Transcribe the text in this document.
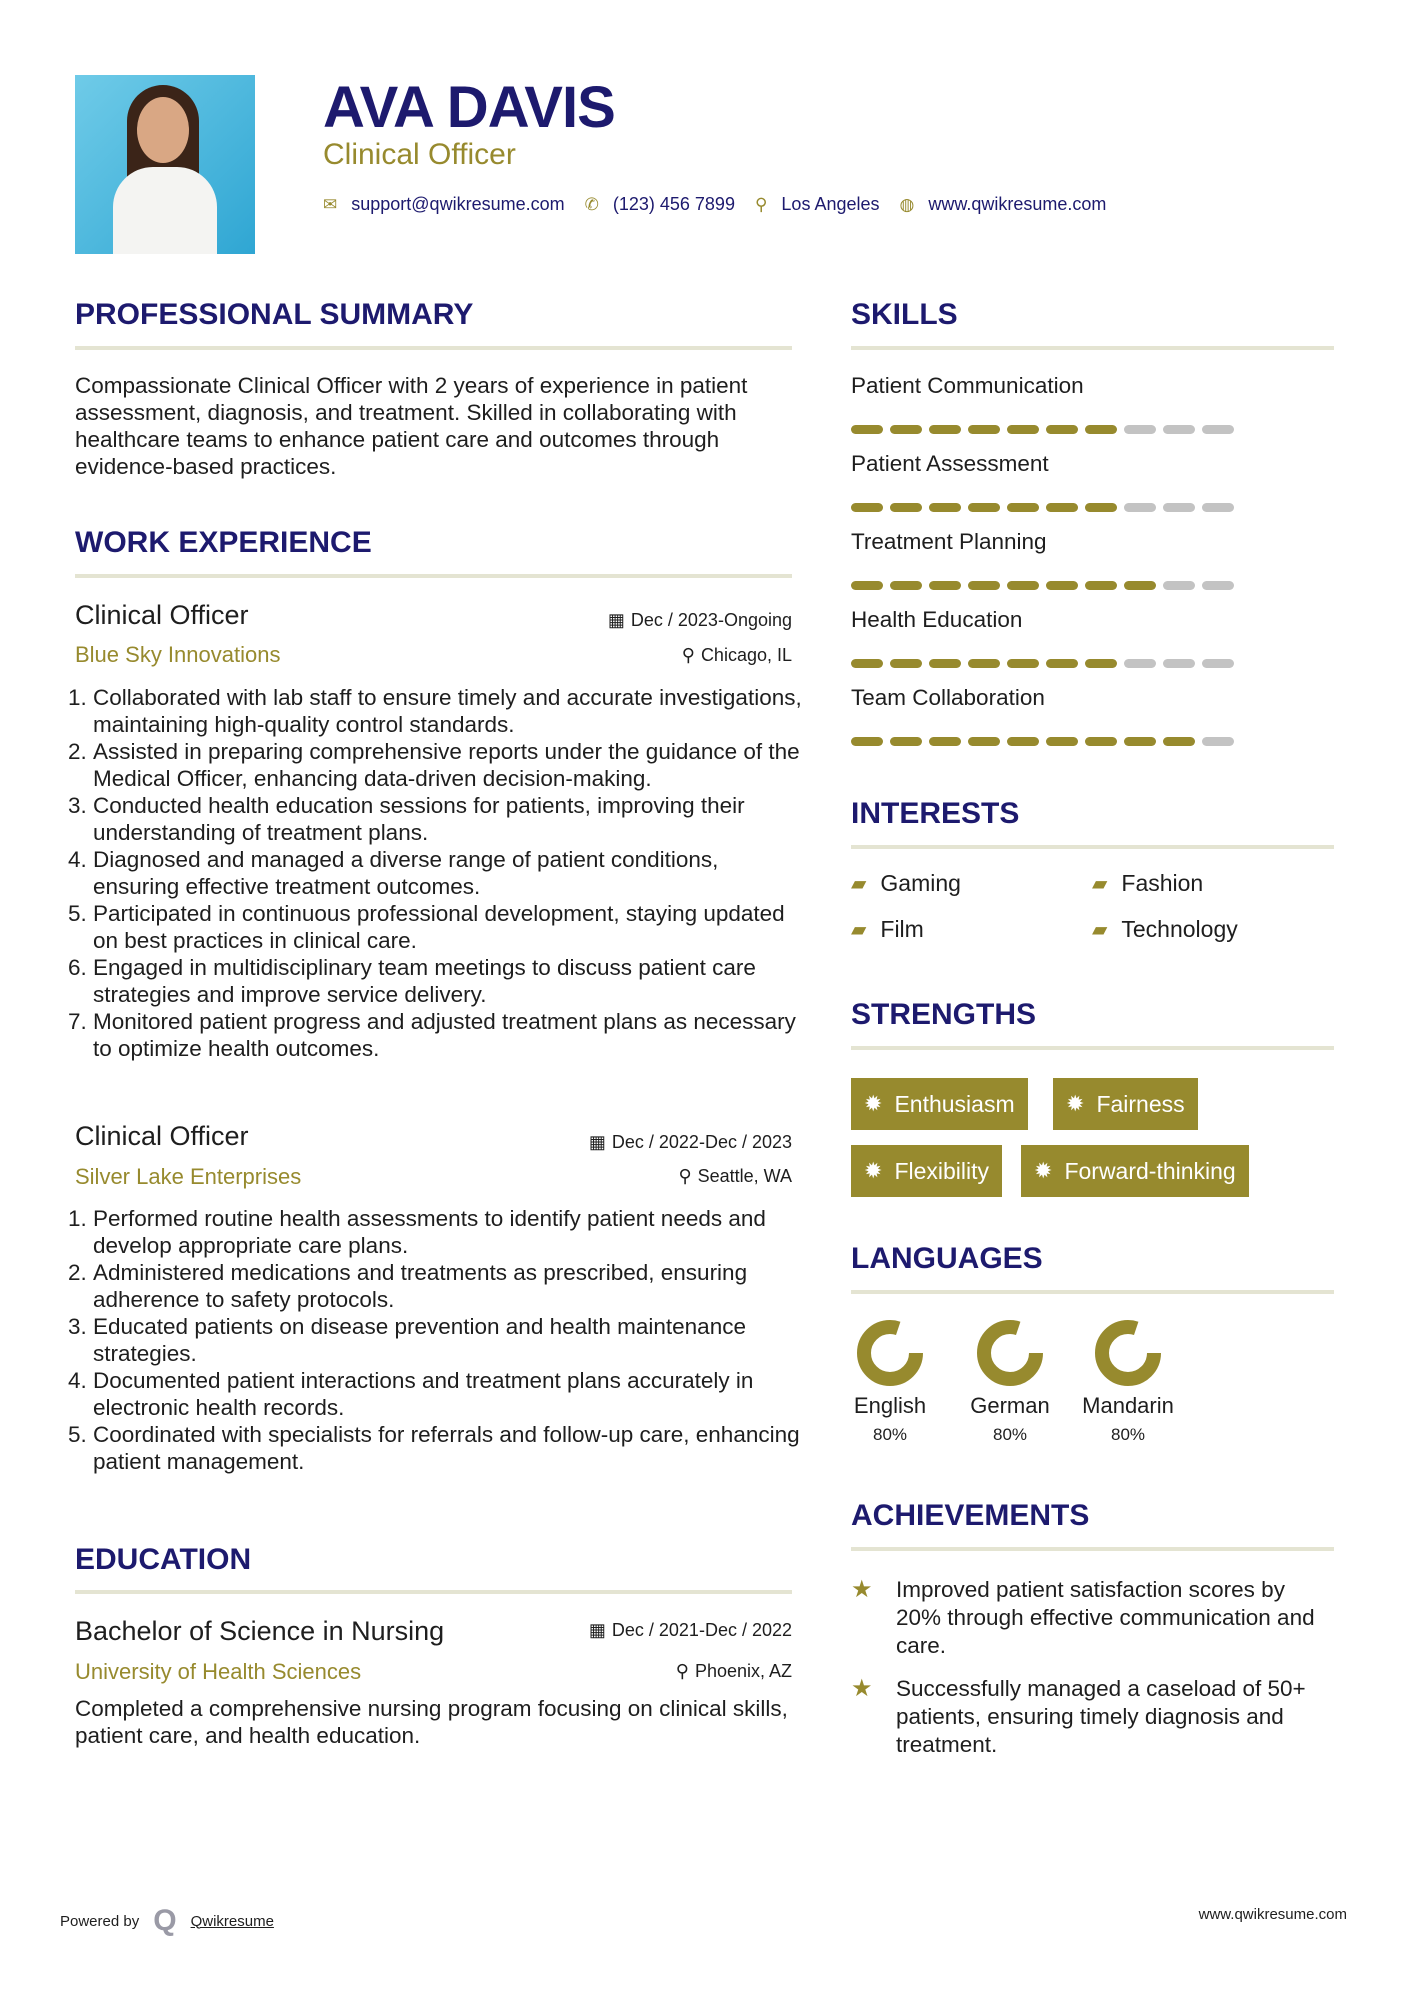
AVA DAVIS
Clinical Officer
✉ support@qwikresume.com ✆ (123) 456 7899 ⚲ Los Angeles ◍ www.qwikresume.com
PROFESSIONAL SUMMARY
Compassionate Clinical Officer with 2 years of experience in patient assessment, diagnosis, and treatment. Skilled in collaborating with healthcare teams to enhance patient care and outcomes through evidence-based practices.
WORK EXPERIENCE
Clinical Officer	▦ Dec / 2023-Ongoing
Blue Sky Innovations	⚲ Chicago, IL
1. Collaborated with lab staff to ensure timely and accurate investigations, maintaining high-quality control standards.
2. Assisted in preparing comprehensive reports under the guidance of the Medical Officer, enhancing data-driven decision-making.
3. Conducted health education sessions for patients, improving their understanding of treatment plans.
4. Diagnosed and managed a diverse range of patient conditions, ensuring effective treatment outcomes.
5. Participated in continuous professional development, staying updated on best practices in clinical care.
6. Engaged in multidisciplinary team meetings to discuss patient care strategies and improve service delivery.
7. Monitored patient progress and adjusted treatment plans as necessary to optimize health outcomes.
Clinical Officer	▦ Dec / 2022-Dec / 2023
Silver Lake Enterprises	⚲ Seattle, WA
1. Performed routine health assessments to identify patient needs and develop appropriate care plans.
2. Administered medications and treatments as prescribed, ensuring adherence to safety protocols.
3. Educated patients on disease prevention and health maintenance strategies.
4. Documented patient interactions and treatment plans accurately in electronic health records.
5. Coordinated with specialists for referrals and follow-up care, enhancing patient management.
EDUCATION
Bachelor of Science in Nursing	▦ Dec / 2021-Dec / 2022
University of Health Sciences	⚲ Phoenix, AZ
Completed a comprehensive nursing program focusing on clinical skills, patient care, and health education.
SKILLS
Patient Communication
Patient Assessment
Treatment Planning
Health Education
Team Collaboration
INTERESTS
▰ Gaming	▰ Fashion
▰ Film	▰ Technology
STRENGTHS
✹ Enthusiasm ✹ Fairness
✹ Flexibility ✹ Forward-thinking
LANGUAGES
English
80%
German
80%
Mandarin
80%
ACHIEVEMENTS
★	Improved patient satisfaction scores by 20% through effective communication and care.
★	Successfully managed a caseload of 50+ patients, ensuring timely diagnosis and treatment.
Powered by Q Qwikresume	www.qwikresume.com
